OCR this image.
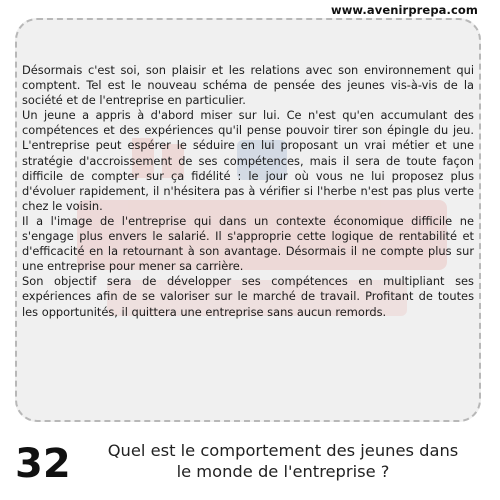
www.avenirprepa.com

Désormais c'est soi, son plaisir et les relations avec son environnement qui comptent. Tel est le nouveau schéma de pensée des jeunes vis-à-vis de la société et de l'entreprise en particulier.

Un jeune a appris à d'abord miser sur lui. Ce n'est qu'en accumulant des compétences et des expériences qu'il pense pouvoir tirer son épingle du jeu. L'entreprise peut espérer le séduire en lui proposant un vrai métier et une stratégie d'accroissement de ses compétences, mais il sera de toute façon difficile de compter sur ça fidélité : le jour où vous ne lui proposez plus d'évoluer rapidement, il n'hésitera pas à vérifier si l'herbe n'est pas plus verte chez le voisin.

Il a l'image de l'entreprise qui dans un contexte économique difficile ne s'engage plus envers le salarié. Il s'approprie cette logique de rentabilité et d'efficacité en la retournant à son avantage. Désormais il ne compte plus sur une entreprise pour mener sa carrière.

Son objectif sera de développer ses compétences en multipliant ses expériences afin de se valoriser sur le marché de travail. Profitant de toutes les opportunités, il quittera une entreprise sans aucun remords.

32	Quel est le comportement des jeunes dans
le monde de l'entreprise ?
